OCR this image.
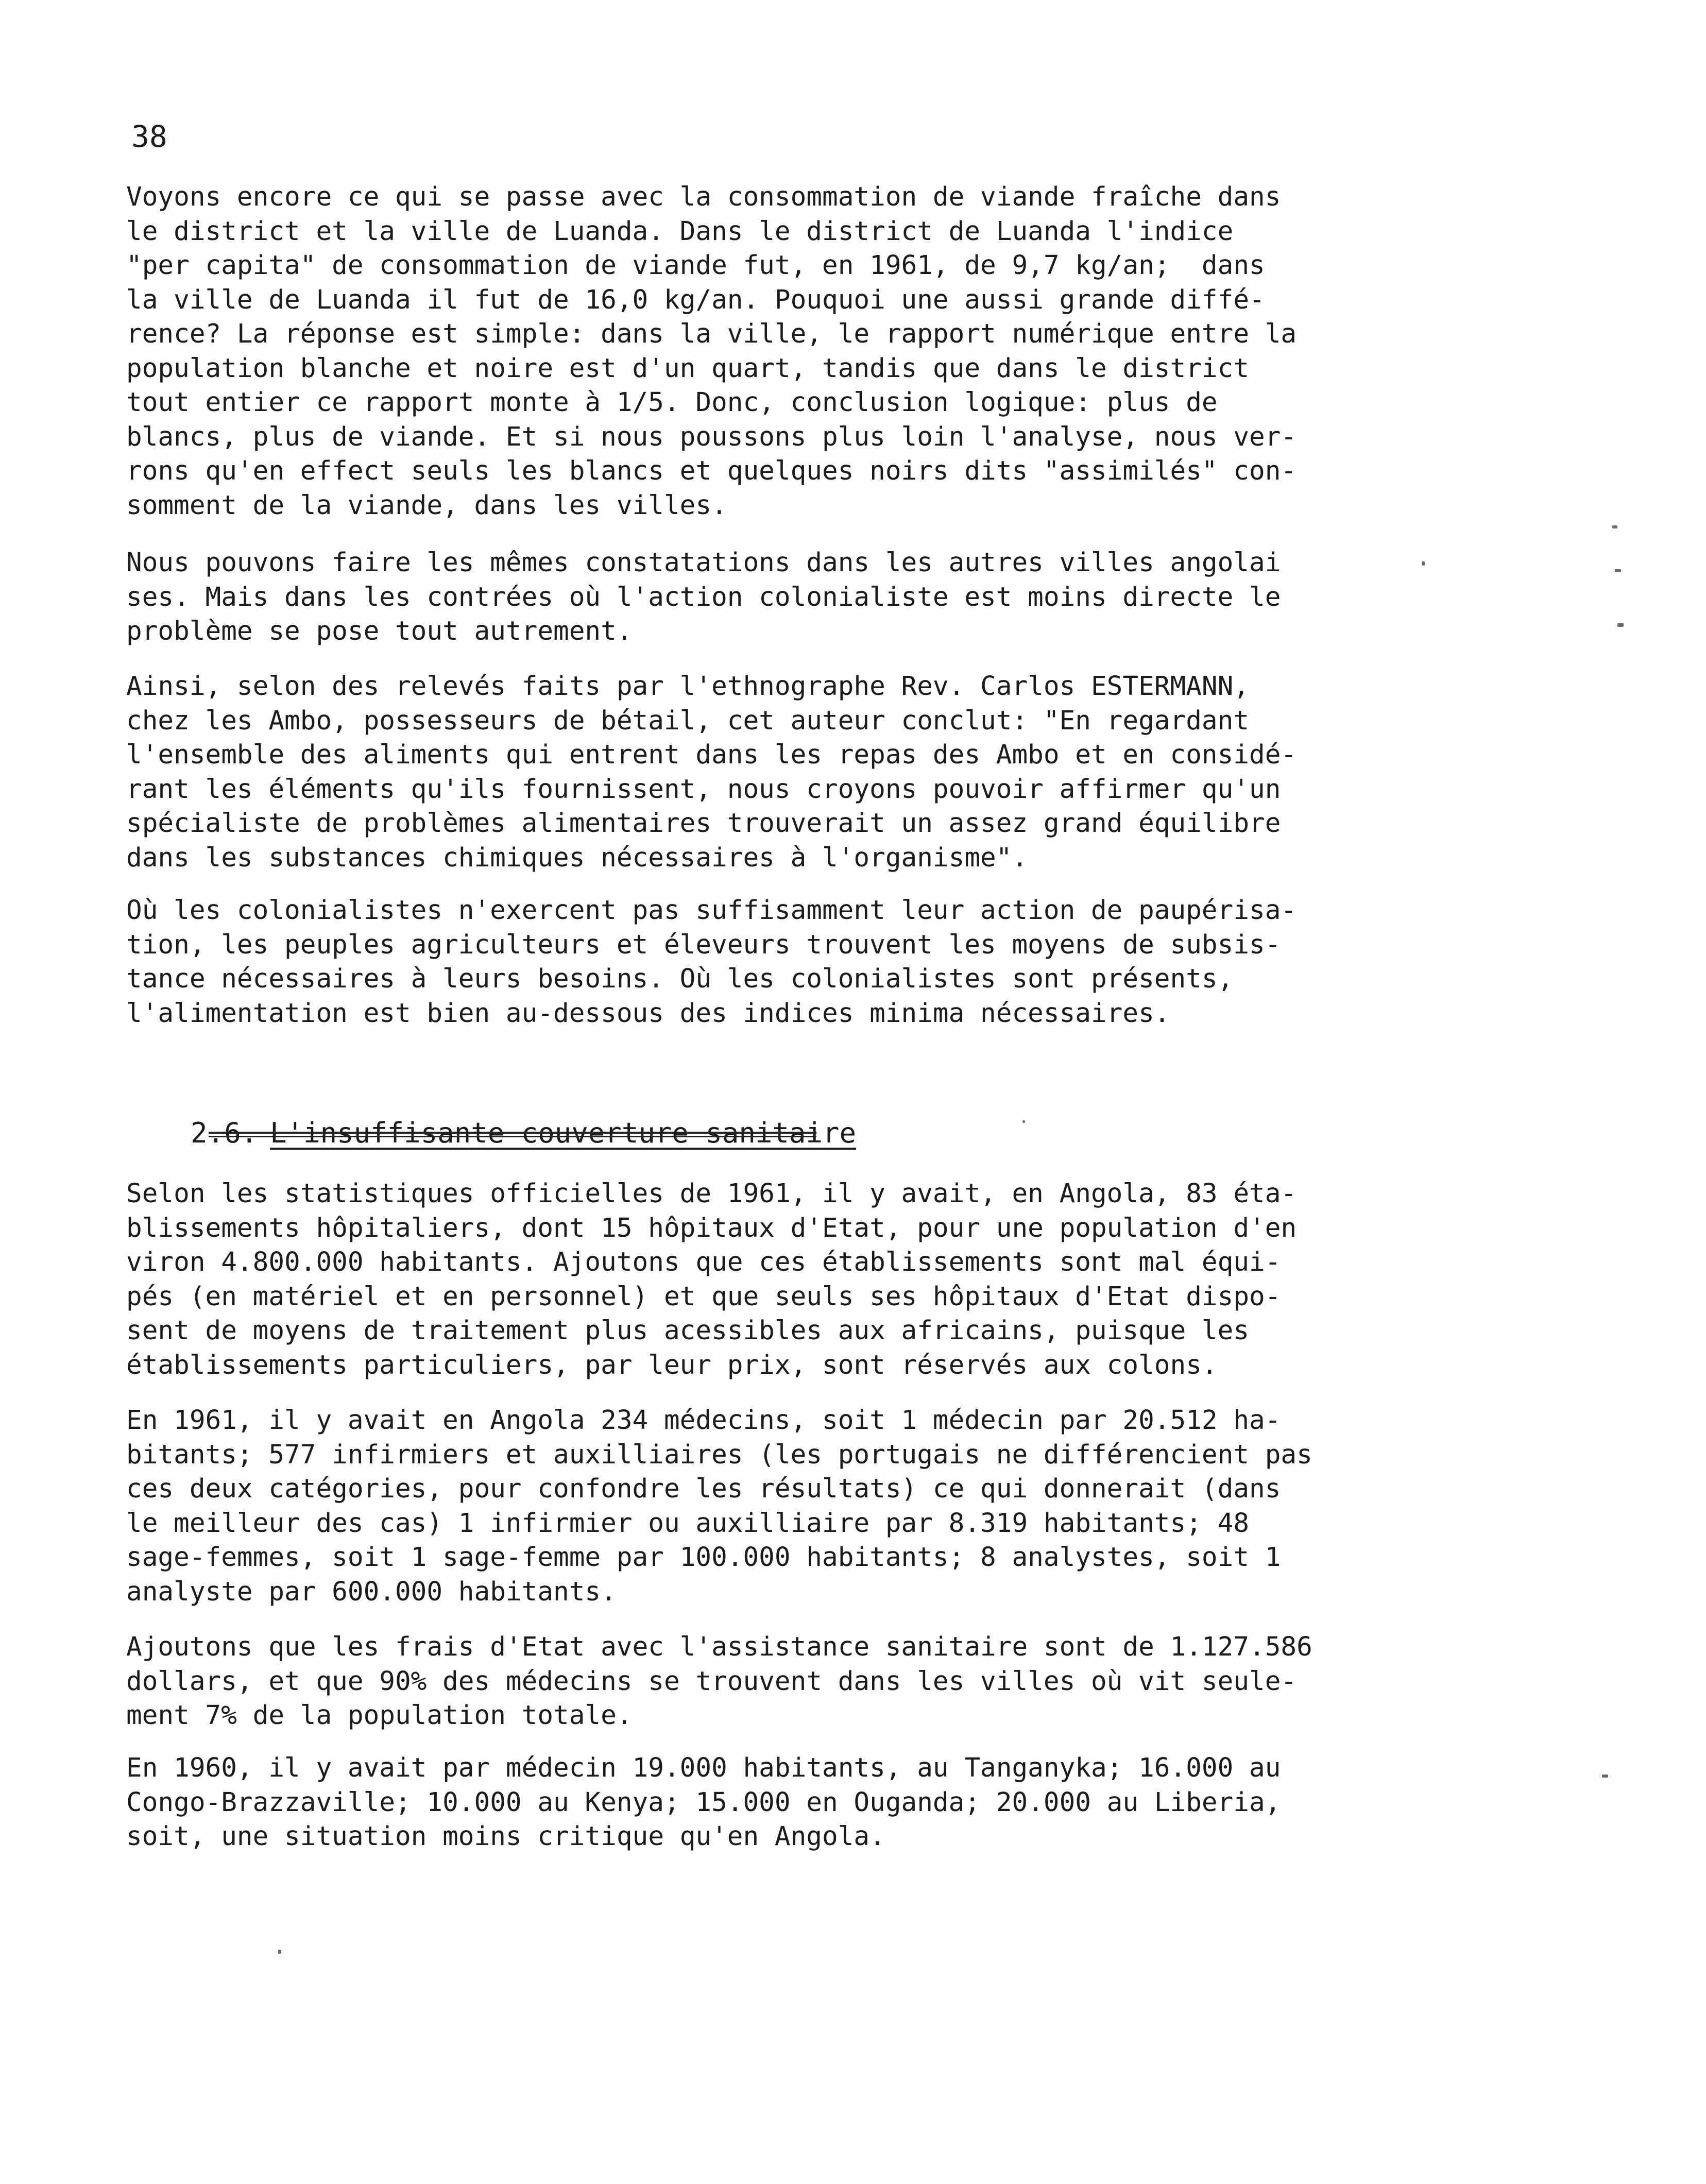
38
Voyons encore ce qui se passe avec la consommation de viande fraîche dans
le district et la ville de Luanda. Dans le district de Luanda l'indice
"per capita" de consommation de viande fut, en 1961, de 9,7 kg/an;  dans
la ville de Luanda il fut de 16,0 kg/an. Pouquoi une aussi grande diffé-
rence? La réponse est simple: dans la ville, le rapport numérique entre la
population blanche et noire est d'un quart, tandis que dans le district
tout entier ce rapport monte à 1/5. Donc, conclusion logique: plus de
blancs, plus de viande. Et si nous poussons plus loin l'analyse, nous ver-
rons qu'en effect seuls les blancs et quelques noirs dits "assimilés" con-
somment de la viande, dans les villes.
Nous pouvons faire les mêmes constatations dans les autres villes angolai
ses. Mais dans les contrées où l'action colonialiste est moins directe le
problème se pose tout autrement.
Ainsi, selon des relevés faits par l'ethnographe Rev. Carlos ESTERMANN,
chez les Ambo, possesseurs de bétail, cet auteur conclut: "En regardant
l'ensemble des aliments qui entrent dans les repas des Ambo et en considé-
rant les éléments qu'ils fournissent, nous croyons pouvoir affirmer qu'un
spécialiste de problèmes alimentaires trouverait un assez grand équilibre
dans les substances chimiques nécessaires à l'organisme".
Où les colonialistes n'exercent pas suffisamment leur action de paupérisa-
tion, les peuples agriculteurs et éleveurs trouvent les moyens de subsis-
tance nécessaires à leurs besoins. Où les colonialistes sont présents,
l'alimentation est bien au-dessous des indices minima nécessaires.

2.6. L'insuffisante couverture sanitaire

Selon les statistiques officielles de 1961, il y avait, en Angola, 83 éta-
blissements hôpitaliers, dont 15 hôpitaux d'Etat, pour une population d'en
viron 4.800.000 habitants. Ajoutons que ces établissements sont mal équi-
pés (en matériel et en personnel) et que seuls ses hôpitaux d'Etat dispo-
sent de moyens de traitement plus acessibles aux africains, puisque les
établissements particuliers, par leur prix, sont réservés aux colons.
En 1961, il y avait en Angola 234 médecins, soit 1 médecin par 20.512 ha-
bitants; 577 infirmiers et auxilliaires (les portugais ne différencient pas
ces deux catégories, pour confondre les résultats) ce qui donnerait (dans
le meilleur des cas) 1 infirmier ou auxilliaire par 8.319 habitants; 48
sage-femmes, soit 1 sage-femme par 100.000 habitants; 8 analystes, soit 1
analyste par 600.000 habitants.
Ajoutons que les frais d'Etat avec l'assistance sanitaire sont de 1.127.586
dollars, et que 90% des médecins se trouvent dans les villes où vit seule-
ment 7% de la population totale.
En 1960, il y avait par médecin 19.000 habitants, au Tanganyka; 16.000 au
Congo-Brazzaville; 10.000 au Kenya; 15.000 en Ouganda; 20.000 au Liberia,
soit, une situation moins critique qu'en Angola.
